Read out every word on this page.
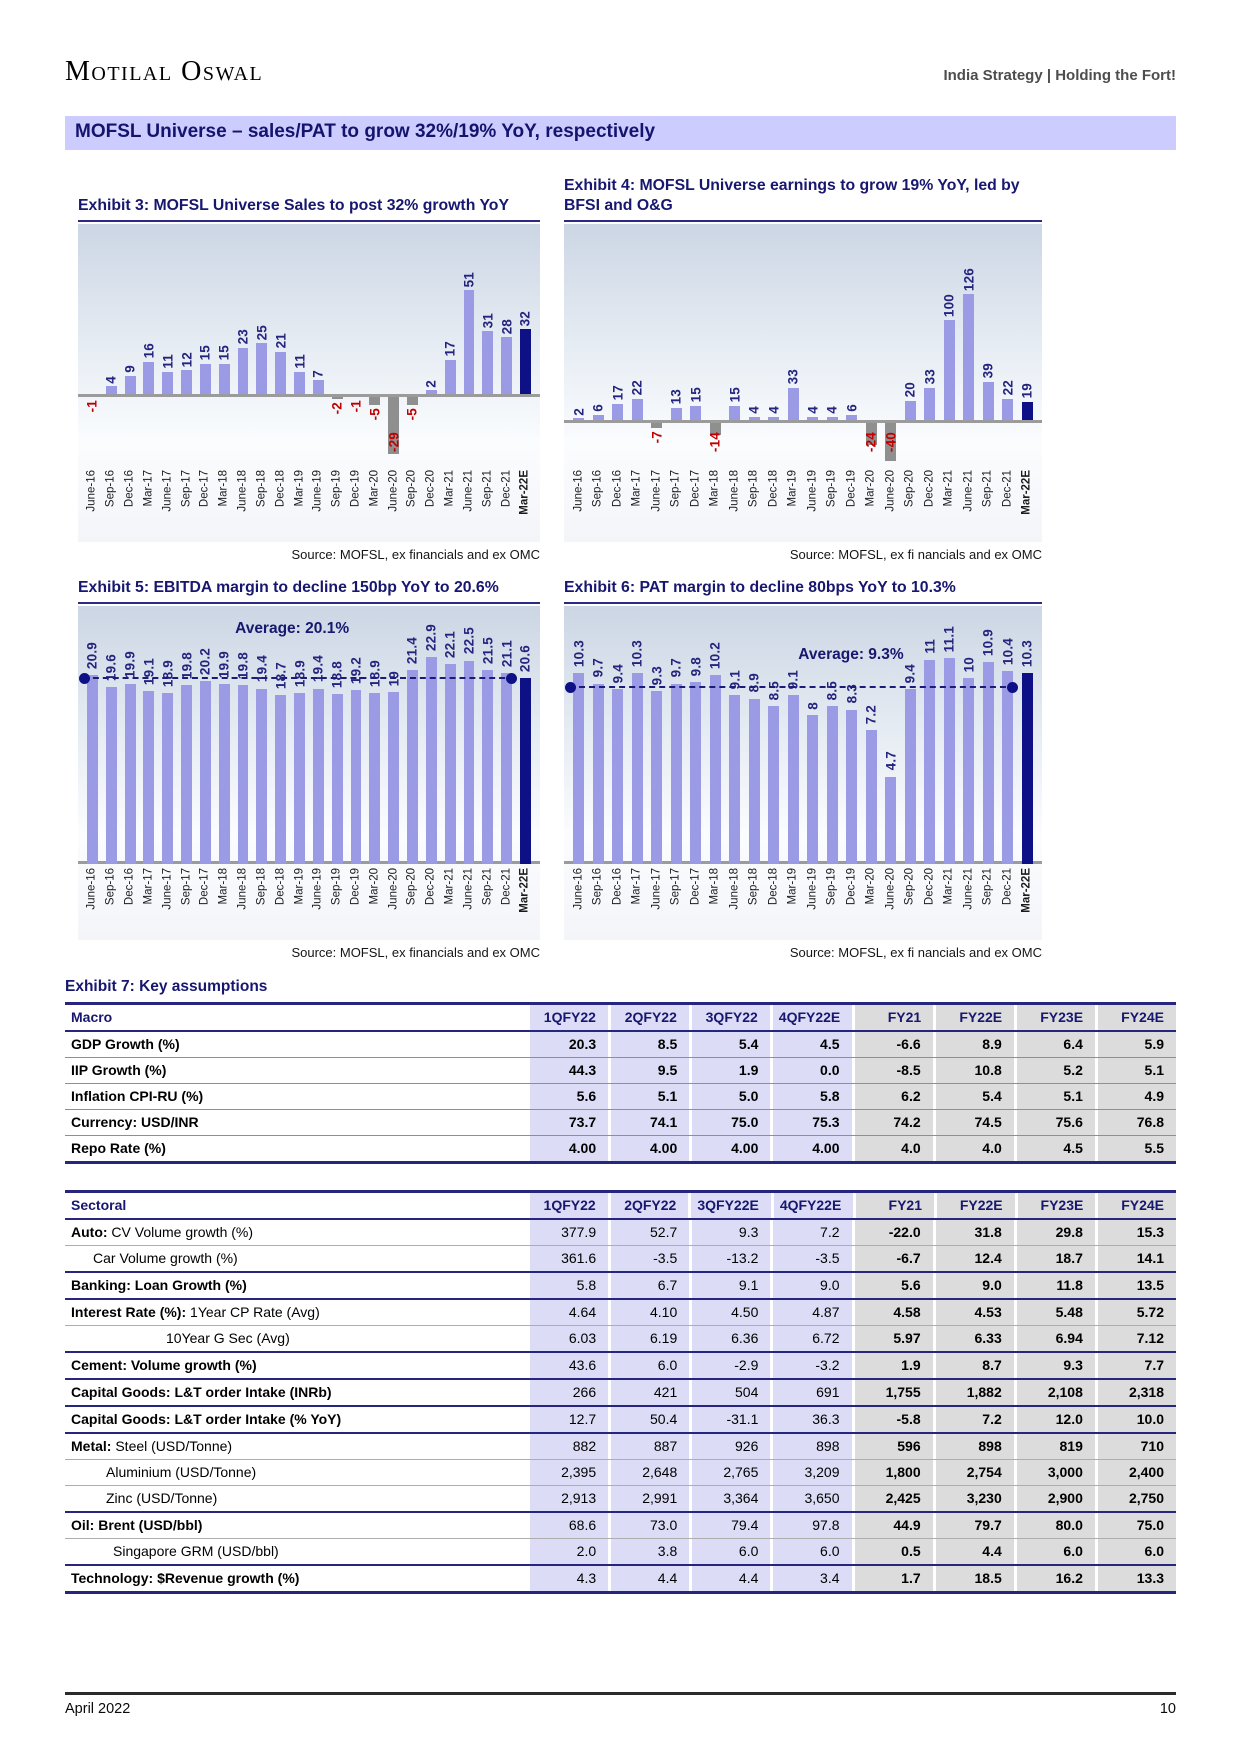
Motilal Oswal	India Strategy | Holding the Fort!
MOFSL Universe – sales/PAT to grow 32%/19% YoY, respectively
Exhibit 3: MOFSL Universe Sales to post 32% growth YoY
-1
4
9
16
11 12 15 15
23 25
21
11
7
-2 -1
-5
-29
-5
2
17
51
31 28
32
June-16 Sep-16 Dec-16 Mar-17 June-17 Sep-17 Dec-17 Mar-18 June-18 Sep-18 Dec-18 Mar-19 June-19 Sep-19 Dec-19 Mar-20 June-20 Sep-20 Dec-20 Mar-21 June-21 Sep-21 Dec-21 Mar-22E
Source: MOFSL, ex financials and ex OMC
Exhibit 4: MOFSL Universe earnings to grow 19% YoY, led by BFSI and O&G
2 6
17 22
-7
13 15
-14
15
4 4
33
4 4 6
-24 -40
20
33
100
126
39
22 19
June-16 Sep-16 Dec-16 Mar-17 June-17 Sep-17 Dec-17 Mar-18 June-18 Sep-18 Dec-18 Mar-19 June-19 Sep-19 Dec-19 Mar-20 June-20 Sep-20 Dec-20 Mar-21 June-21 Sep-21 Dec-21 Mar-22E
Source: MOFSL, ex fi nancials and ex OMC
Exhibit 5: EBITDA margin to decline 150bp YoY to 20.6%
20.9 19.6 19.9 19.1 18.9 19.8 20.2 19.9 19.8 19.4 18.7 18.9 19.4 18.8 19.2 18.9 19
21.4
22.9 22.1 22.5 21.5 21.1 20.6
Average: 20.1%
June-16 Sep-16 Dec-16 Mar-17 June-17 Sep-17 Dec-17 Mar-18 June-18 Sep-18 Dec-18 Mar-19 June-19 Sep-19 Dec-19 Mar-20 June-20 Sep-20 Dec-20 Mar-21 June-21 Sep-21 Dec-21 Mar-22E
Source: MOFSL, ex financials and ex OMC
Exhibit 6: PAT margin to decline 80bps YoY to 10.3%
10.3
9.7 9.4
10.3
9.3 9.7 9.8 10.2
9.1 8.9 8.5
9.1
8
8.5 8.3
7.2
4.7
9.4
11 11.1
10
10.9 10.4 10.3
Average: 9.3%
June-16 Sep-16 Dec-16 Mar-17 June-17 Sep-17 Dec-17 Mar-18 June-18 Sep-18 Dec-18 Mar-19 June-19 Sep-19 Dec-19 Mar-20 June-20 Sep-20 Dec-20 Mar-21 June-21 Sep-21 Dec-21 Mar-22E
Source: MOFSL, ex fi nancials and ex OMC
Exhibit 7: Key assumptions
Macro	1QFY22	2QFY22	3QFY22	4QFY22E	FY21	FY22E	FY23E	FY24E
GDP Growth (%)	20.3	8.5	5.4	4.5	-6.6	8.9	6.4	5.9
IIP Growth (%)	44.3	9.5	1.9	0.0	-8.5	10.8	5.2	5.1
Inflation CPI-RU (%)	5.6	5.1	5.0	5.8	6.2	5.4	5.1	4.9
Currency: USD/INR	73.7	74.1	75.0	75.3	74.2	74.5	75.6	76.8
Repo Rate (%)	4.00	4.00	4.00	4.00	4.0	4.0	4.5	5.5
Sectoral	1QFY22	2QFY22	3QFY22E	4QFY22E	FY21	FY22E	FY23E	FY24E
Auto: CV Volume growth (%)	377.9	52.7	9.3	7.2	-22.0	31.8	29.8	15.3
Car Volume growth (%)	361.6	-3.5	-13.2	-3.5	-6.7	12.4	18.7	14.1
Banking: Loan Growth (%)	5.8	6.7	9.1	9.0	5.6	9.0	11.8	13.5
Interest Rate (%): 1Year CP Rate (Avg)	4.64	4.10	4.50	4.87	4.58	4.53	5.48	5.72
10Year G Sec (Avg)	6.03	6.19	6.36	6.72	5.97	6.33	6.94	7.12
Cement: Volume growth (%)	43.6	6.0	-2.9	-3.2	1.9	8.7	9.3	7.7
Capital Goods: L&T order Intake (INRb)	266	421	504	691	1,755	1,882	2,108	2,318
Capital Goods: L&T order Intake (% YoY)	12.7	50.4	-31.1	36.3	-5.8	7.2	12.0	10.0
Metal: Steel (USD/Tonne)	882	887	926	898	596	898	819	710
Aluminium (USD/Tonne)	2,395	2,648	2,765	3,209	1,800	2,754	3,000	2,400
Zinc (USD/Tonne)	2,913	2,991	3,364	3,650	2,425	3,230	2,900	2,750
Oil: Brent (USD/bbl)	68.6	73.0	79.4	97.8	44.9	79.7	80.0	75.0
Singapore GRM (USD/bbl)	2.0	3.8	6.0	6.0	0.5	4.4	6.0	6.0
Technology: $Revenue growth (%)	4.3	4.4	4.4	3.4	1.7	18.5	16.2	13.3
April 2022	10
